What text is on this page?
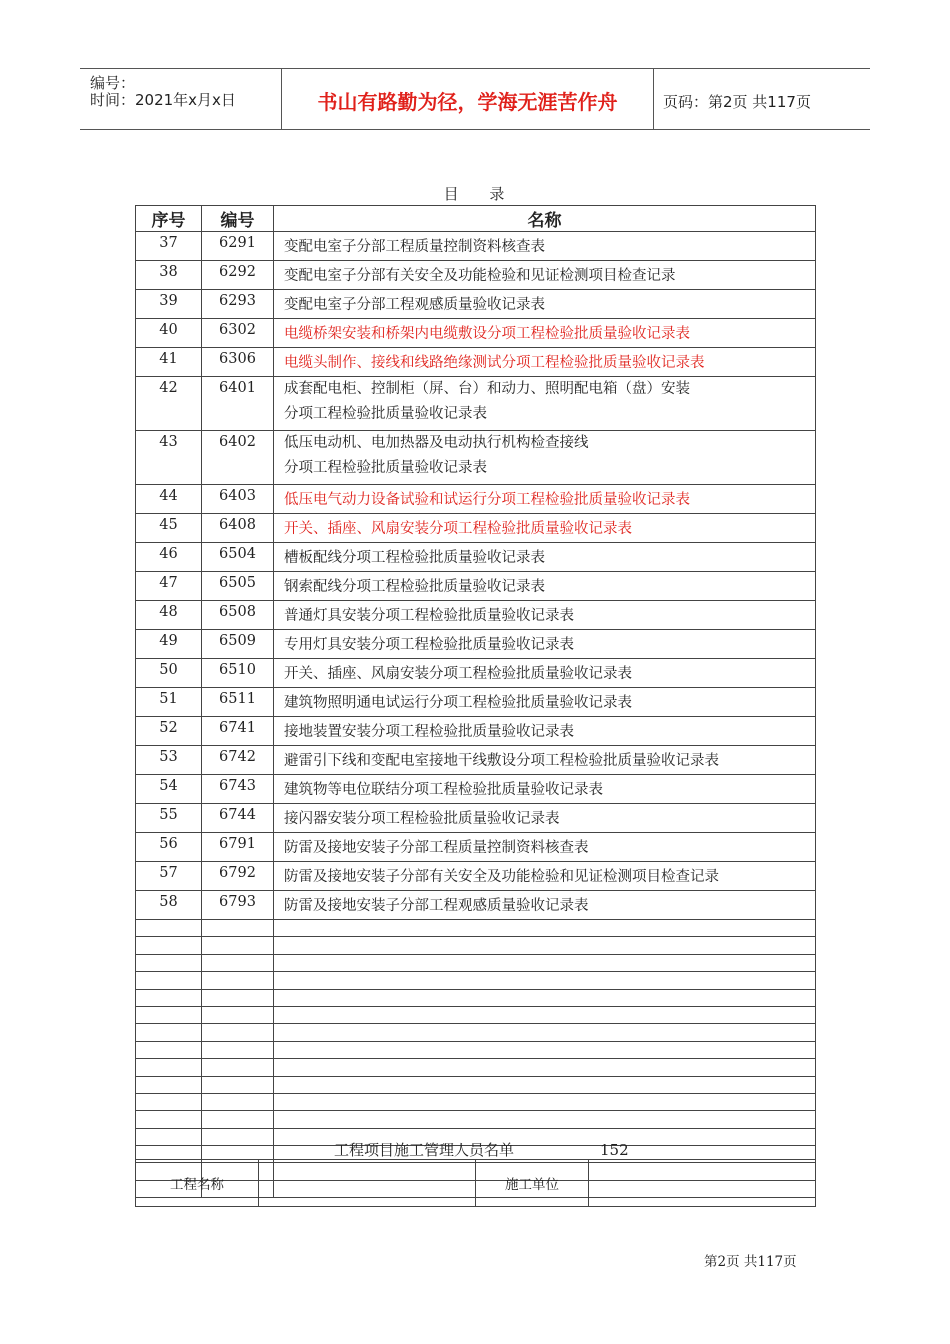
编号：
时间：2021年x月x日	书山有路勤为径，学海无涯苦作舟	页码：第2页 共117页
目 录
序号	编号	名称
37	6291	变配电室子分部工程质量控制资料核查表

38	6292	变配电室子分部有关安全及功能检验和见证检测项目检查记录

39	6293	变配电室子分部工程观感质量验收记录表

40	6302	电缆桥架安装和桥架内电缆敷设分项工程检验批质量验收记录表

41	6306	电缆头制作、接线和线路绝缘测试分项工程检验批质量验收记录表

42	6401	成套配电柜、控制柜（屏、台）和动力、照明配电箱（盘）安装
分项工程检验批质量验收记录表

43	6402	低压电动机、电加热器及电动执行机构检查接线
分项工程检验批质量验收记录表

44	6403	低压电气动力设备试验和试运行分项工程检验批质量验收记录表

45	6408	开关、插座、风扇安装分项工程检验批质量验收记录表

46	6504	槽板配线分项工程检验批质量验收记录表

47	6505	钢索配线分项工程检验批质量验收记录表

48	6508	普通灯具安装分项工程检验批质量验收记录表

49	6509	专用灯具安装分项工程检验批质量验收记录表

50	6510	开关、插座、风扇安装分项工程检验批质量验收记录表

51	6511	建筑物照明通电试运行分项工程检验批质量验收记录表

52	6741	接地装置安装分项工程检验批质量验收记录表

53	6742	避雷引下线和变配电室接地干线敷设分项工程检验批质量验收记录表

54	6743	建筑物等电位联结分项工程检验批质量验收记录表

55	6744	接闪器安装分项工程检验批质量验收记录表

56	6791	防雷及接地安装子分部工程质量控制资料核查表

57	6792	防雷及接地安装子分部有关安全及功能检验和见证检测项目检查记录

58	6793	防雷及接地安装子分部工程观感质量验收记录表

工程项目施工管理人员名单	152
工程名称		施工单位	
第2页 共117页
